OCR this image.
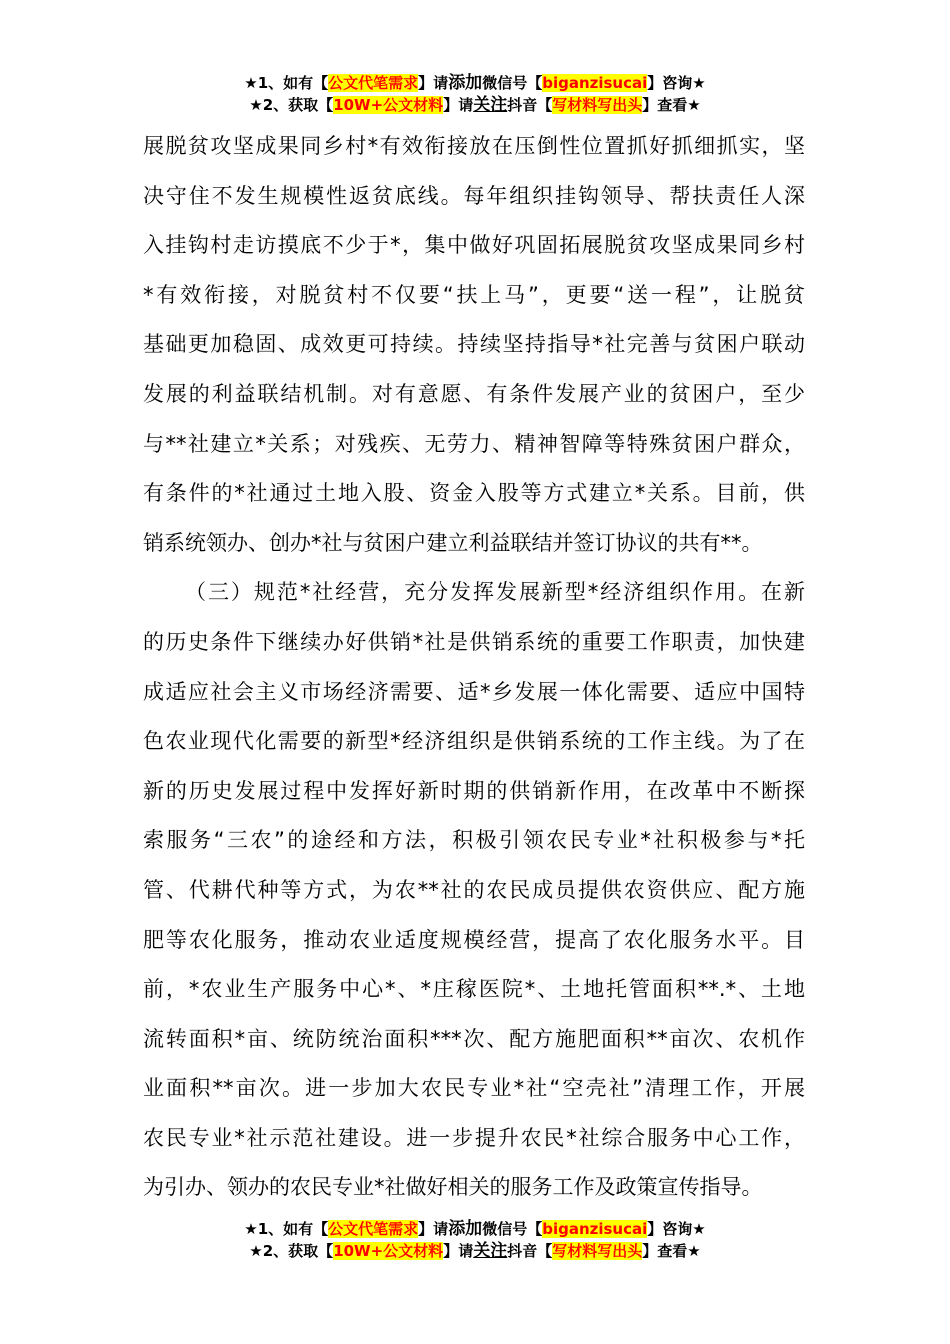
★1、如有【公文代笔需求】请添加微信号【biganzisucai】咨询★
★2、获取【10W+公文材料】请关注抖音【写材料写出头】查看★
展脱贫攻坚成果同乡村*有效衔接放在压倒性位置抓好抓细抓实，坚
决守住不发生规模性返贫底线。每年组织挂钩领导、帮扶责任人深
入挂钩村走访摸底不少于*，集中做好巩固拓展脱贫攻坚成果同乡村
*有效衔接，对脱贫村不仅要“扶上马”，更要“送一程”，让脱贫
基础更加稳固、成效更可持续。持续坚持指导*社完善与贫困户联动
发展的利益联结机制。对有意愿、有条件发展产业的贫困户，至少
与**社建立*关系；对残疾、无劳力、精神智障等特殊贫困户群众，
有条件的*社通过土地入股、资金入股等方式建立*关系。目前，供
销系统领办、创办*社与贫困户建立利益联结并签订协议的共有**。
（三）规范*社经营，充分发挥发展新型*经济组织作用。在新
的历史条件下继续办好供销*社是供销系统的重要工作职责，加快建
成适应社会主义市场经济需要、适*乡发展一体化需要、适应中国特
色农业现代化需要的新型*经济组织是供销系统的工作主线。为了在
新的历史发展过程中发挥好新时期的供销新作用，在改革中不断探
索服务“三农”的途经和方法，积极引领农民专业*社积极参与*托
管、代耕代种等方式，为农**社的农民成员提供农资供应、配方施
肥等农化服务，推动农业适度规模经营，提高了农化服务水平。目
前，*农业生产服务中心*、*庄稼医院*、土地托管面积**.*、土地
流转面积*亩、统防统治面积***次、配方施肥面积**亩次、农机作
业面积**亩次。进一步加大农民专业*社“空壳社”清理工作，开展
农民专业*社示范社建设。进一步提升农民*社综合服务中心工作，
为引办、领办的农民专业*社做好相关的服务工作及政策宣传指导。
★1、如有【公文代笔需求】请添加微信号【biganzisucai】咨询★
★2、获取【10W+公文材料】请关注抖音【写材料写出头】查看★
